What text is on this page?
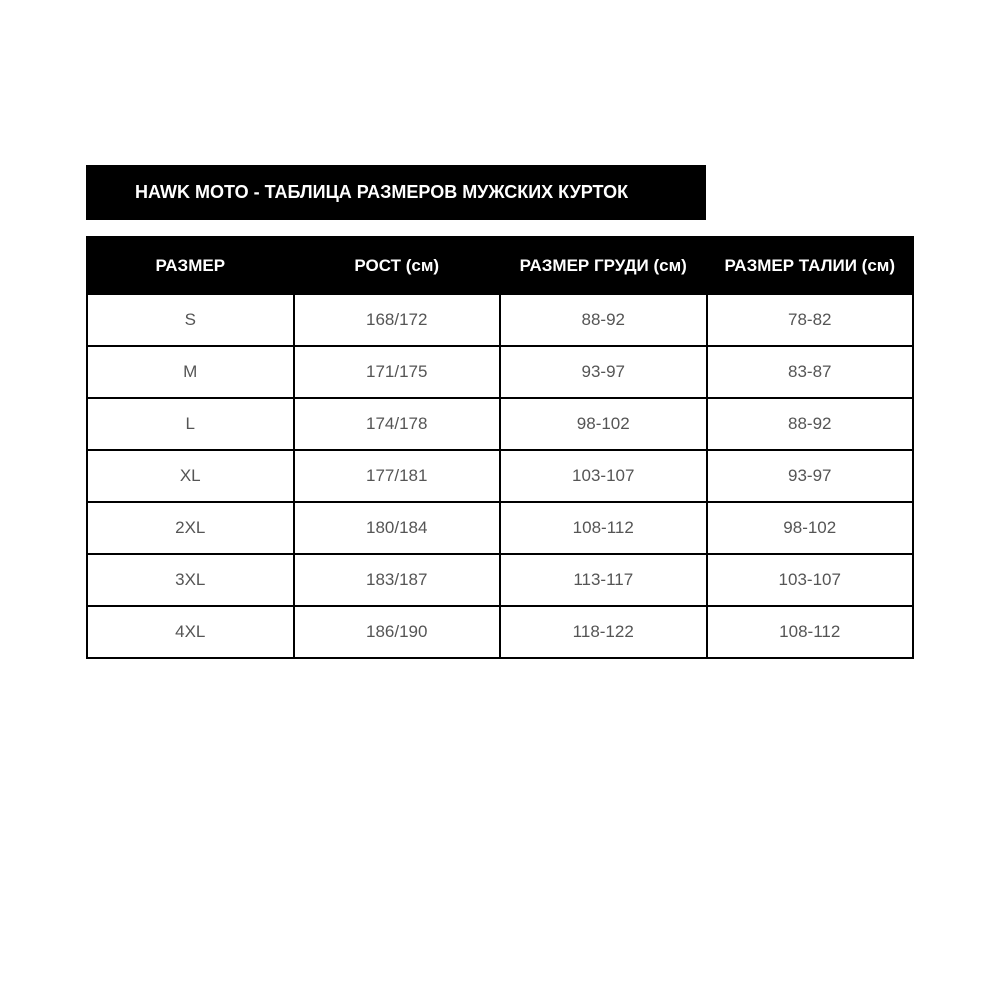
HAWK MOTO - ТАБЛИЦА РАЗМЕРОВ МУЖСКИХ КУРТОК
РАЗМЕР	РОСТ (см)	РАЗМЕР ГРУДИ (см)	РАЗМЕР ТАЛИИ (см)
S	168/172	88-92	78-82
M	171/175	93-97	83-87
L	174/178	98-102	88-92
XL	177/181	103-107	93-97
2XL	180/184	108-112	98-102
3XL	183/187	113-117	103-107
4XL	186/190	118-122	108-112
